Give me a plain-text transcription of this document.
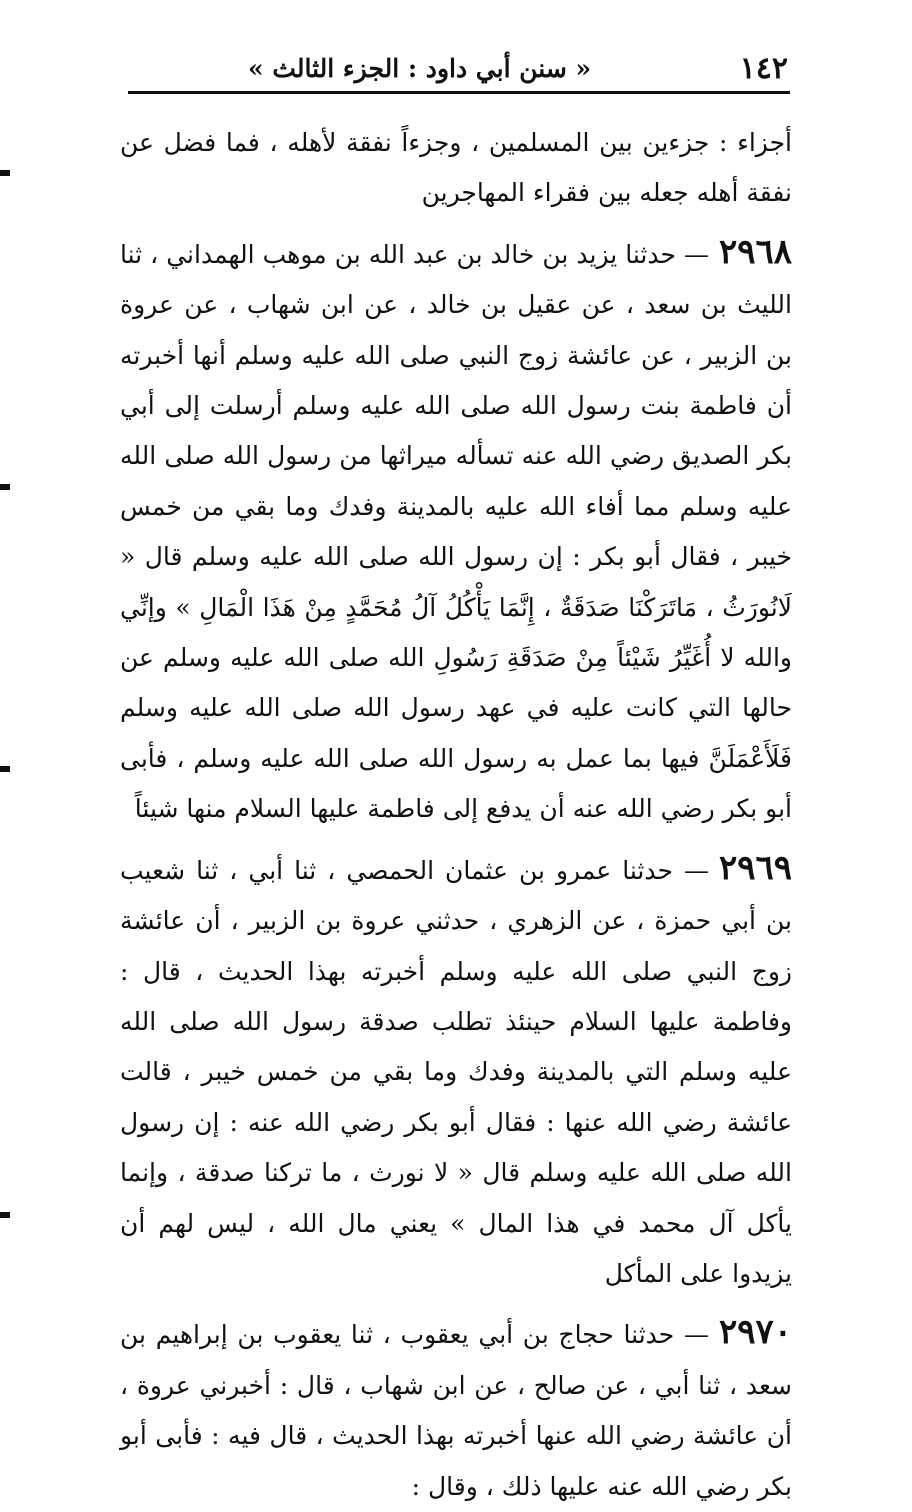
١٤٢
« سنن أبي داود : الجزء الثالث »

أجزاء : جزءين بين المسلمين ، وجزءاً نفقة لأهله ، فما فضل عن نفقة أهله جعله بين فقراء المهاجرين

٢٩٦٨— حدثنا يزيد بن خالد بن عبد الله بن موهب الهمداني ، ثنا الليث بن سعد ، عن عقيل بن خالد ، عن ابن شهاب ، عن عروة بن الزبير ، عن عائشة زوج النبي صلى الله عليه وسلم أنها أخبرته أن فاطمة بنت رسول الله صلى الله عليه وسلم أرسلت إلى أبي بكر الصديق رضي الله عنه تسأله ميراثها من رسول الله صلى الله عليه وسلم مما أفاء الله عليه بالمدينة وفدك وما بقي من خمس خيبر ، فقال أبو بكر : إن رسول الله صلى الله عليه وسلم قال « لَانُورَثُ ، مَاتَرَكْنَا صَدَقَةٌ ، إِنَّمَا يَأْكُلُ آلُ مُحَمَّدٍ مِنْ هَذَا الْمَالِ » وإنِّي والله لا أُغَيِّرُ شَيْئاً مِنْ صَدَقَةِ رَسُولِ الله صلى الله عليه وسلم عن حالها التي كانت عليه في عهد رسول الله صلى الله عليه وسلم فَلَأَعْمَلَنَّ فيها بما عمل به رسول الله صلى الله عليه وسلم ، فأبى أبو بكر رضي الله عنه أن يدفع إلى فاطمة عليها السلام منها شيئاً

٢٩٦٩— حدثنا عمرو بن عثمان الحمصي ، ثنا أبي ، ثنا شعيب بن أبي حمزة ، عن الزهري ، حدثني عروة بن الزبير ، أن عائشة زوج النبي صلى الله عليه وسلم أخبرته بهذا الحديث ، قال : وفاطمة عليها السلام حينئذ تطلب صدقة رسول الله صلى الله عليه وسلم التي بالمدينة وفدك وما بقي من خمس خيبر ، قالت عائشة رضي الله عنها : فقال أبو بكر رضي الله عنه : إن رسول الله صلى الله عليه وسلم قال « لا نورث ، ما تركنا صدقة ، وإنما يأكل آل محمد في هذا المال » يعني مال الله ، ليس لهم أن يزيدوا على المأكل

٢٩٧٠— حدثنا حجاج بن أبي يعقوب ، ثنا يعقوب بن إبراهيم بن سعد ، ثنا أبي ، عن صالح ، عن ابن شهاب ، قال : أخبرني عروة ، أن عائشة رضي الله عنها أخبرته بهذا الحديث ، قال فيه : فأبى أبو بكر رضي الله عنه عليها ذلك ، وقال :
